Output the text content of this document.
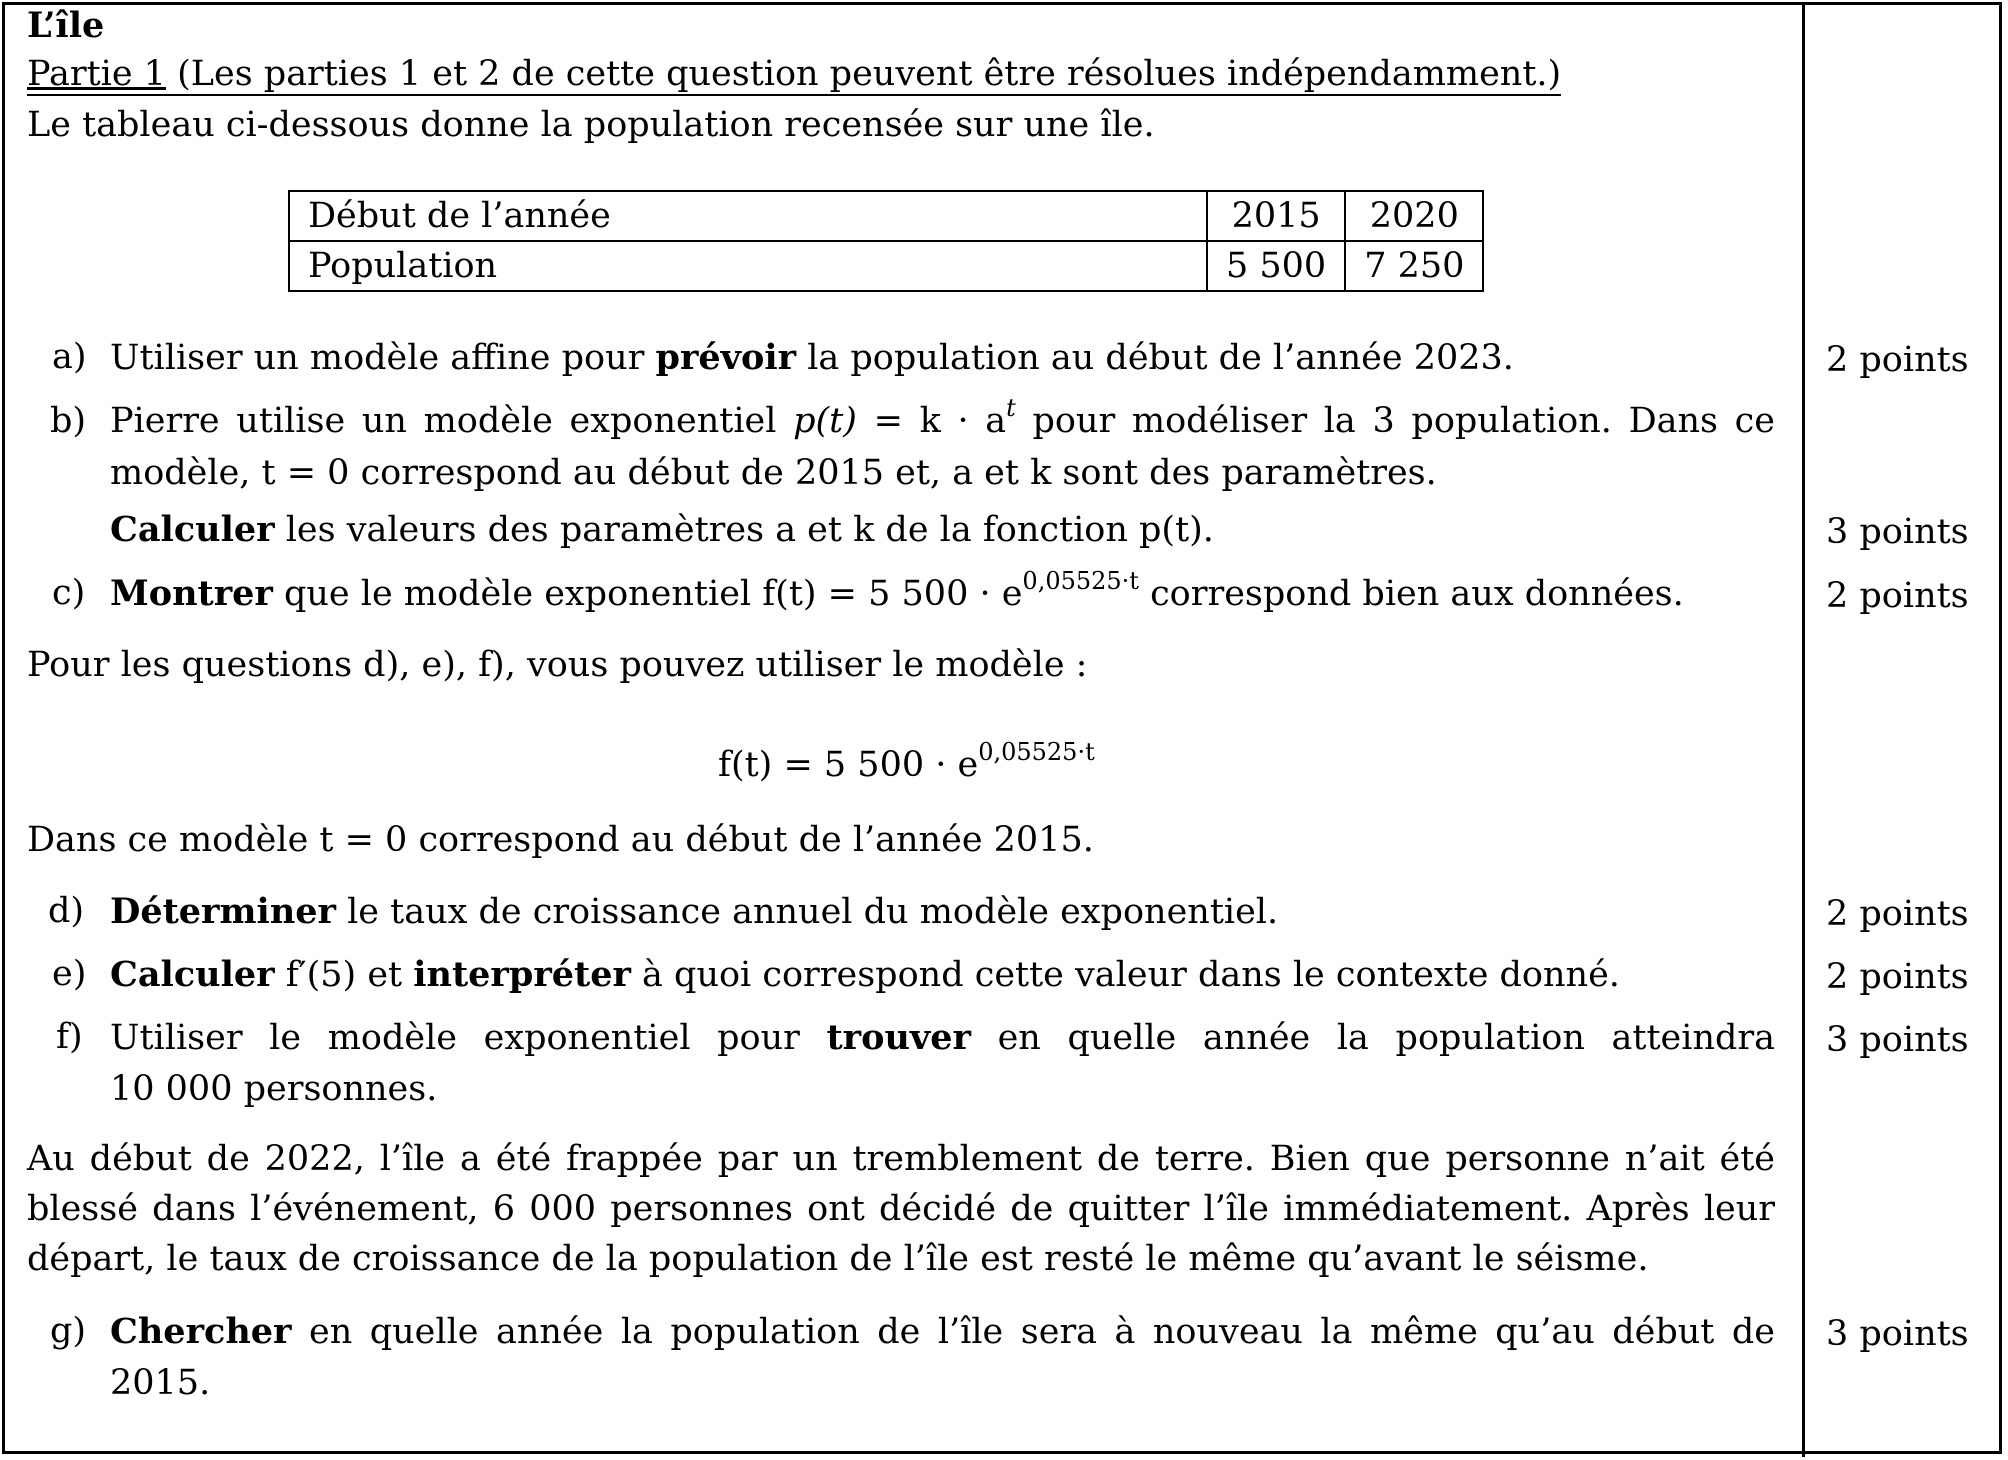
L’île
Partie 1 (Les parties 1 et 2 de cette question peuvent être résolues indépendamment.)
Le tableau ci-dessous donne la population recensée sur une île.
Début de l’année	2015	2020
Population	5 500	7 250
a) Utiliser un modèle affine pour prévoir la population au début de l’année 2023.	2 points
b) Pierre utilise un modèle exponentiel $p(t) = k \cdot a^t$ pour modéliser la 3 population. Dans ce
modèle, t = 0 correspond au début de 2015 et, a et k sont des paramètres.
Calculer les valeurs des paramètres a et k de la fonction p(t).	3 points
c) Montrer que le modèle exponentiel f(t) = 5 $500 \cdot e^{0,05525\cdot t}$ correspond bien aux données.	2 points
Pour les questions d), e), f), vous pouvez utiliser le modèle :
f(t) = 5 $500 \cdot e^{0,05525\cdot t}$
Dans ce modèle t = 0 correspond au début de l’année 2015.
d) Déterminer le taux de croissance annuel du modèle exponentiel.	2 points
e) Calculer f′(5) et interpréter à quoi correspond cette valeur dans le contexte donné.	2 points
f) Utiliser le modèle exponentiel pour trouver en quelle année la population atteindra
10 000 personnes.
3 points
Au début de 2022, l’île a été frappée par un tremblement de terre. Bien que personne n’ait été
blessé dans l’événement, 6 000 personnes ont décidé de quitter l’île immédiatement. Après leur
départ, le taux de croissance de la population de l’île est resté le même qu’avant le séisme.
g) Chercher en quelle année la population de l’île sera à nouveau la même qu’au début de
2015.
3 points
